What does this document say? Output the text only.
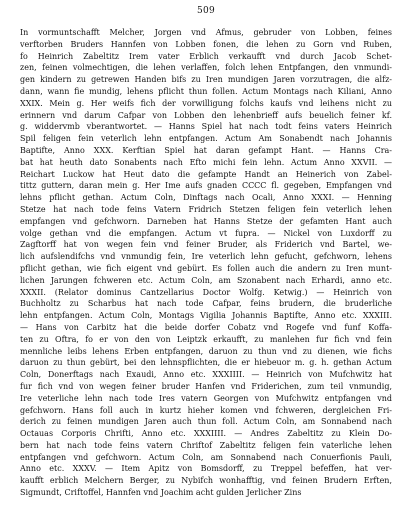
509
In vormuntschafft Melcher, Jorgen vnd Afmus, gebruder von Lobben, feines
verftorben Bruders Hannfen von Lobben fonen, die lehen zu Gorn vnd Ruben,
fo Heinrich Zabeltitz Irem vater Erblich verkaufft vnd durch Jacob Schet-
zen, feinen volmechtigen, die lehen verlaffen, folch lehen Entpfangen, den vnmundi-
gen kindern zu getrewen Handen bifs zu Iren mundigen Jaren vorzutragen, die alfz-
dann, wann fie mundig, lehens pflicht thun follen. Actum Montags nach Kiliani, Anno
XXIX. Mein g. Her weifs fich der vorwilligung folchs kaufs vnd leihens nicht zu
erinnern vnd darum Cafpar von Lobben den lehenbrieff aufs beuelich feiner kf.
g. widdervmb vberantwortet. — Hanns Spiel hat nach todt feins vaters Heinrich
Spil feligen fein veterlich lehn entpfangen. Actum Am Sonabendt nach Johannis
Baptifte, Anno XXX. Kerftian Spiel hat daran gefampt Hant. — Hanns Cra-
bat hat heuth dato Sonabents nach Efto michi fein lehn. Actum Anno XXVII. —
Reichart Luckow hat Heut dato die gefampte Handt an Heinerich von Zabel-
tittz guttern, daran mein g. Her Ime aufs gnaden CCCC fl. gegeben, Empfangen vnd
lehns pflicht gethan. Actum Coln, Dinftags nach Ocali, Anno XXXI. — Henning
Stetze hat nach tode feins Vatern Fridrich Stetzen feligen fein veterlich lehen
empfangen vnd gefchworn. Darneben hat Hanns Stetze der gefamten Hant auch
volge gethan vnd die empfangen. Actum vt fupra. — Nickel von Luxdorff zu
Zagftorff hat von wegen fein vnd feiner Bruder, als Friderich vnd Bartel, we-
lich aufslendifchs vnd vnmundig fein, Ire veterlich lehn gefucht, gefchworn, lehens
pflicht gethan, wie fich eigent vnd gebürt. Es follen auch die andern zu Iren munt-
lichen Jarungen fchweren etc. Actum Coln, am Szonabent nach Erhardi, anno etc.
XXXII. (Relator dominus Cantzellarius Doctor Wolfg. Ketwig.) — Heinrich von
Buchholtz zu Scharbus hat nach tode Cafpar, feins brudern, die bruderliche
lehn entpfangen. Actum Coln, Montags Vigilia Johannis Baptifte, Anno etc. XXXIII.
— Hans von Carbitz hat die beide dorfer Cobatz vnd Rogefe vnd funf Koffa-
ten zu Oftra, fo er von den von Leiptzk erkaufft, zu manlehen fur fich vnd fein
mennliche leibs lehens Erben entpfangen, daruon zu thun vnd zu dienen, wie fichs
daruon zu thun gebürt, bei den lehnspflichten, die er hiebeuor m. g. h. gethan Actum
Coln, Donerftags nach Exaudi, Anno etc. XXXIIII. — Heinrich von Mufchwitz hat
fur fich vnd von wegen feiner bruder Hanfen vnd Friderichen, zum teil vnmundig,
Ire veterliche lehn nach tode Ires vatern Georgen von Mufchwitz entpfangen vnd
gefchworn. Hans foll auch in kurtz hieher komen vnd fchweren, dergleichen Fri-
derich zu feinen mundigen Jaren auch thun foll. Actum Coln, am Sonnabend nach
Octauas Corporis Chrifti, Anno etc. XXXIIII. — Andres Zabeltitz zu Klein Do-
bern hat nach tode feins vatern Chriftof Zabeltitz feligen fein vaterliche lehen
entpfangen vnd gefchworn. Actum Coln, am Sonnabend nach Conuerfionis Pauli,
Anno etc. XXXV. — Item Apitz von Bomsdorff, zu Treppel befeffen, hat ver-
kaufft erblich Melchern Berger, zu Nybifch wonhafftig, vnd feinen Brudern Erften,
Sigmundt, Criftoffel, Hannfen vnd Joachim acht gulden Jerlicher Zins
